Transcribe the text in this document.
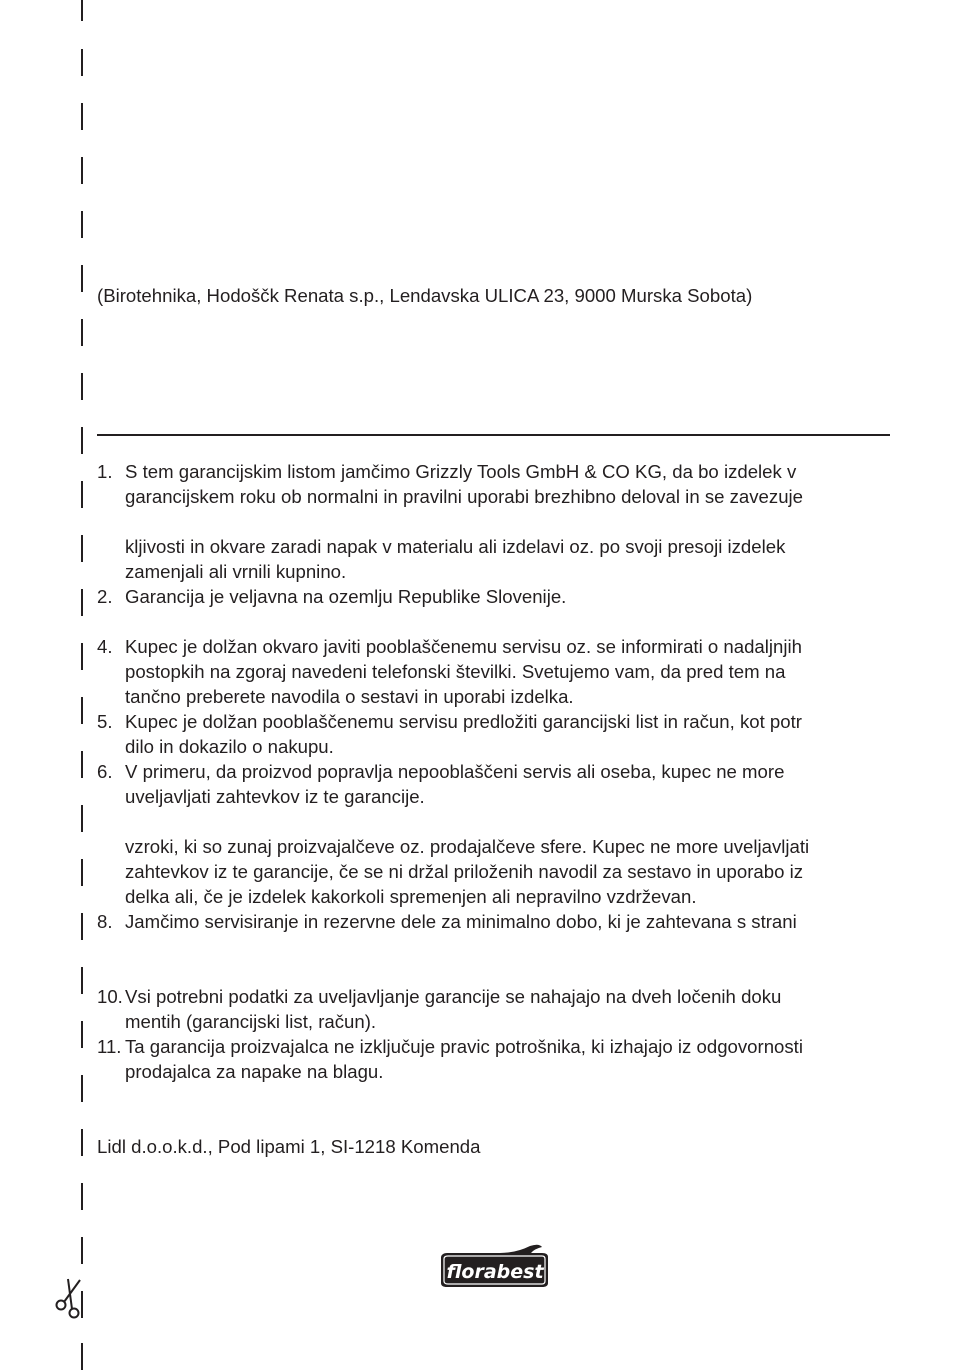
(Birotehnika, Hodoščk Renata s.p., Lendavska ULICA 23, 9000 Murska Sobota)
1. S tem garancijskim listom jamčimo Grizzly Tools GmbH & CO KG, da bo izdelek v
garancijskem roku ob normalni in pravilni uporabi brezhibno deloval in se zavezuje
kljivosti in okvare zaradi napak v materialu ali izdelavi oz. po svoji presoji izdelek
zamenjali ali vrnili kupnino.
2. Garancija je veljavna na ozemlju Republike Slovenije.
4. Kupec je dolžan okvaro javiti pooblaščenemu servisu oz. se informirati o nadaljnjih
postopkih na zgoraj navedeni telefonski številki. Svetujemo vam, da pred tem na
tančno preberete navodila o sestavi in uporabi izdelka.
5. Kupec je dolžan pooblaščenemu servisu predložiti garancijski list in račun, kot potr
dilo in dokazilo o nakupu.
6. V primeru, da proizvod popravlja nepooblaščeni servis ali oseba, kupec ne more
uveljavljati zahtevkov iz te garancije.
vzroki, ki so zunaj proizvajalčeve oz. prodajalčeve sfere. Kupec ne more uveljavljati
zahtevkov iz te garancije, če se ni držal priloženih navodil za sestavo in uporabo iz
delka ali, če je izdelek kakorkoli spremenjen ali nepravilno vzdrževan.
8. Jamčimo servisiranje in rezervne dele za minimalno dobo, ki je zahtevana s strani
10. Vsi potrebni podatki za uveljavljanje garancije se nahajajo na dveh ločenih doku
mentih (garancijski list, račun).
11. Ta garancija proizvajalca ne izključuje pravic potrošnika, ki izhajajo iz odgovornosti
prodajalca za napake na blagu.
Lidl d.o.o.k.d., Pod lipami 1, SI-1218 Komenda
florabest
